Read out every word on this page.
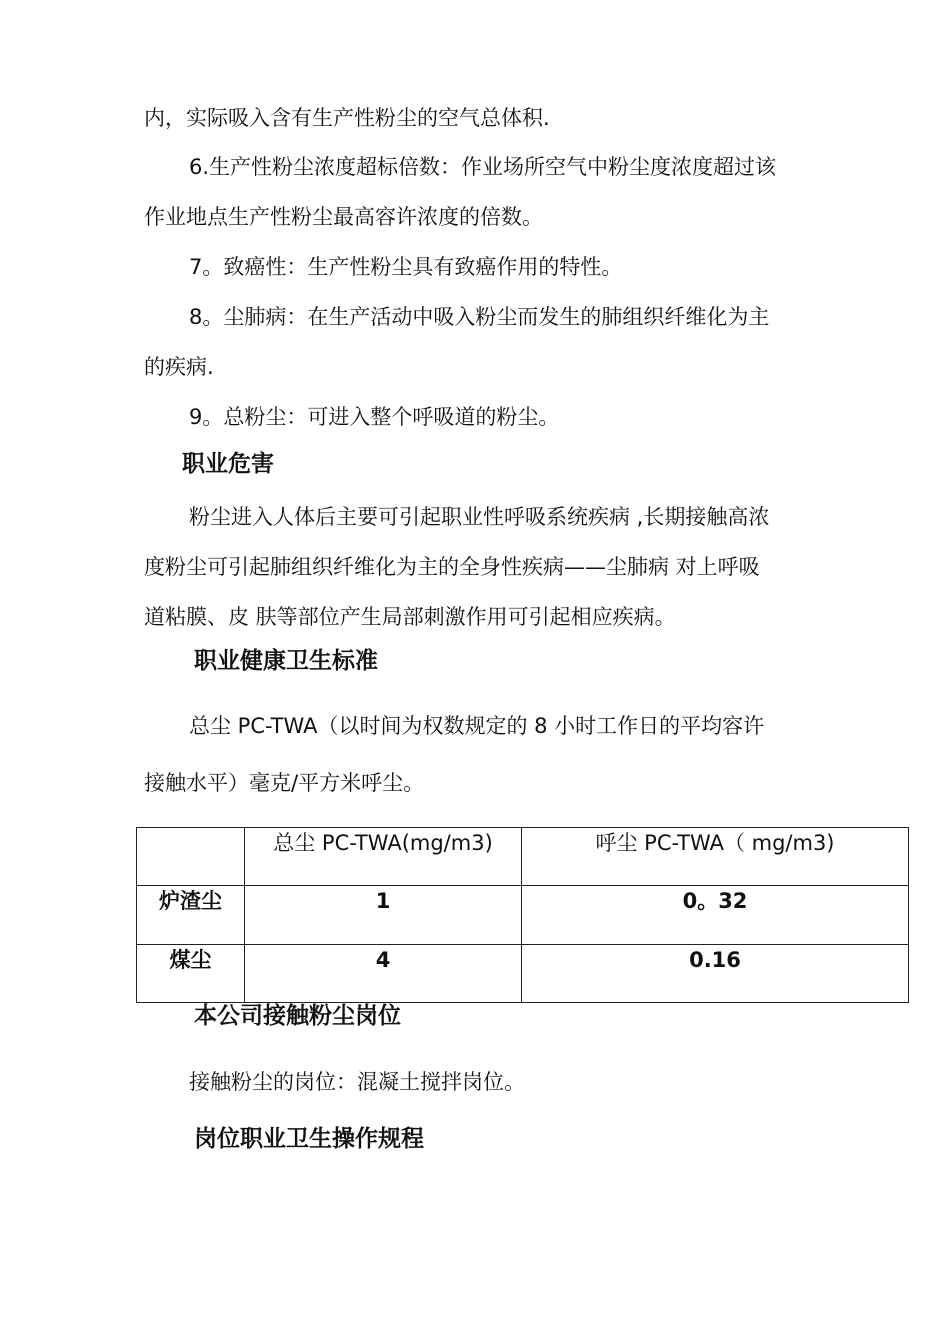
内，实际吸入含有生产性粉尘的空气总体积.
6.生产性粉尘浓度超标倍数：作业场所空气中粉尘度浓度超过该
作业地点生产性粉尘最高容许浓度的倍数。
7。致癌性：生产性粉尘具有致癌作用的特性。
8。尘肺病：在生产活动中吸入粉尘而发生的肺组织纤维化为主
的疾病.
9。总粉尘：可进入整个呼吸道的粉尘。
职业危害
粉尘进入人体后主要可引起职业性呼吸系统疾病 ,长期接触高浓
度粉尘可引起肺组织纤维化为主的全身性疾病——尘肺病 对上呼吸
道粘膜、皮 肤等部位产生局部刺激作用可引起相应疾病。
职业健康卫生标准
总尘 PC-TWA（以时间为权数规定的 8 小时工作日的平均容许
接触水平）毫克/平方米呼尘。
	总尘 PC-TWA(mg/m3)	呼尘 PC-TWA（ mg/m3)
炉渣尘	1	0。32
煤尘	4	0.16
本公司接触粉尘岗位
接触粉尘的岗位：混凝土搅拌岗位。
岗位职业卫生操作规程
